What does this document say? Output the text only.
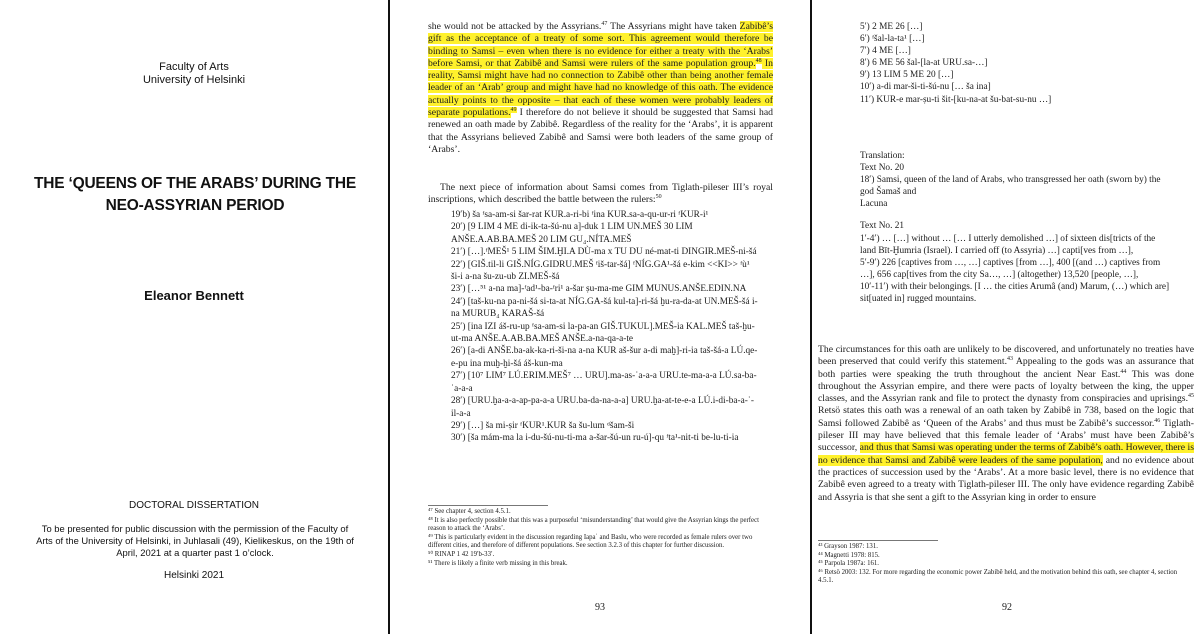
Faculty of Arts
University of Helsinki
THE ‘QUEENS OF THE ARABS’ DURING THE
NEO-ASSYRIAN PERIOD
Eleanor Bennett
DOCTORAL DISSERTATION
To be presented for public discussion with the permission of the Faculty of
Arts of the University of Helsinki, in Juhlasali (49), Kielikeskus, on the 19th of
April, 2021 at a quarter past 1 o’clock.
Helsinki 2021
she would not be attacked by the Assyrians.$^{47}$ The Assyrians might have taken Zabibê’s gift as the acceptance of a treaty of some sort. This agreement would therefore be binding to Samsi – even when there is no evidence for either a treaty with the ‘Arabs’ before Samsi, or that Zabibê and Samsi were rulers of the same population group.$^{48}$ In reality, Samsi might have had no connection to Zabibê other than being another female leader of an ‘Arab’ group and might have had no knowledge of this oath. The evidence actually points to the opposite – that each of these women were probably leaders of separate populations.$^{49}$ I therefore do not believe it should be suggested that Samsi had renewed an oath made by Zabibê. Regardless of the reality for the ‘Arabs’, it is apparent that the Assyrians believed Zabibê and Samsi were both leaders of the same group of ‘Arabs’.
The next piece of information about Samsi comes from Tiglath-pileser III’s royal inscriptions, which described the battle between the rulers:$^{50}$

19′b) ša ᶠsa-am-si šar-rat KUR.a-ri-bi ᶠina KUR.sa-a-qu-ur-ri ᶠKUR-i¹

20′) [9 LIM 4 ME di-ik-ta-šú-nu a]-duk 1 LIM UN.MEŠ 30 LIM ANŠE.A.AB.BA.MEŠ 20 LIM GU₄.NÍTA.MEŠ

21′) […].ᶠMEŠ¹ 5 LIM ŠIM.ḪI.A DÙ-ma x TU DU né-mat-ti DINGIR.MEŠ-ni-šá

22′) [GIŠ.til-li GIŠ.NÍG.GIDRU.MEŠ ᶠiš-tar-šá] ᶠNÍG.GA¹-šá e-kim <<KI>> ᶠù¹ ši-i a-na šu-zu-ub ZI.MEŠ-šá

23′) […⁵¹ a-na ma]-ᶠad¹-ba-ᶠri¹ a-šar ṣu-ma-me GIM MUNUS.ANŠE.EDIN.NA

24′) [taš-ku-na pa-ni-šá si-ta-at NÍG.GA-šá kul-ta]-ri-šá ḫu-ra-da-at UN.MEŠ-šá i-na MURUB₄ KARAŠ-šá

25′) [ina IZI áš-ru-up ᶠsa-am-si la-pa-an GIŠ.TUKUL].MEŠ-ia KAL.MEŠ taš-ḫu-ut-ma ANŠE.A.AB.BA.MEŠ ANŠE.a-na-qa-a-te

26′) [a-di ANŠE.ba-ak-ka-ri-ši-na a-na KUR aš-šur a-di maḫ]-ri-ia taš-šá-a LÚ.qe-e-pu ina muḫ-ḫi-šá áš-kun-ma

27′) [10⁷ LIM⁷ LÚ.ERIM.MEŠ⁷ … URU].ma-as-ʾa-a-a URU.te-ma-a-a LÚ.sa-ba-ʾa-a-a

28′) [URU.ḫa-a-a-ap-pa-a-a URU.ba-da-na-a-a] URU.ḫa-at-te-e-a LÚ.i-di-ba-a-ʾ-il-a-a

29′) […] ša mi-ṣir ᶠKUR¹.KUR ša šu-lum ᵈšam-ši

30′) [ša mám-ma la i-du-šú-nu-ti-ma a-šar-šú-un ru-ú]-qu ᶠta¹-nit-ti be-lu-ti-ia

⁴⁷ See chapter 4, section 4.5.1.

⁴⁸ It is also perfectly possible that this was a purposeful ‘misunderstanding’ that would give the Assyrian kings the perfect reason to attack the ‘Arabs’.

⁴⁹ This is particularly evident in the discussion regarding Iapaʾ and Baslu, who were recorded as female rulers over two different cities, and therefore of different populations. See section 3.2.3 of this chapter for further discussion.

⁵⁰ RINAP 1 42 19′b-33′.

⁵¹ There is likely a finite verb missing in this break.

93

5′) 2 ME 26 […]

6′) ᶠšal-la-ta¹ […]

7′) 4 ME […]

8′) 6 ME 56 šal-[la-at URU.sa-…]

9′) 13 LIM 5 ME 20 […]

10′) a-di mar-ši-ti-šú-nu [… ša ina]

11′) KUR-e mar-ṣu-ti šit-[ku-na-at šu-bat-su-nu …]

Translation:

Text No. 20

18′) Samsi, queen of the land of Arabs, who transgressed her oath (sworn by) the god Šamaš and

Lacuna

Text No. 21

1′-4′) … […] without … [… I utterly demolished …] of sixteen dis[tricts of the land Bīt-Ḫumria (Israel). I carried off (to Assyria) …] capti[ves from …],

5′-9′) 226 [captives from …, …] captives [from …], 400 [(and …) captives from …], 656 cap[tives from the city Sa…, …] (altogether) 13,520 [people, …],

10′-11′) with their belongings. [I … the cities Arumâ (and) Marum, (…) which are] sit[uated in] rugged mountains.

The circumstances for this oath are unlikely to be discovered, and unfortunately no treaties have been preserved that could verify this statement.$^{43}$ Appealing to the gods was an assurance that both parties were speaking the truth throughout the ancient Near East.$^{44}$ This was done throughout the Assyrian empire, and there were pacts of loyalty between the king, the upper classes, and the Assyrian rank and file to protect the dynasty from conspiracies and uprisings.$^{45}$ Retsö states this oath was a renewal of an oath taken by Zabibê in 738, based on the logic that Samsi followed Zabibê as ‘Queen of the Arabs’ and thus must be Zabibê’s successor.$^{46}$ Tiglath-pileser III may have believed that this female leader of ‘Arabs’ must have been Zabibê’s successor, and thus that Samsi was operating under the terms of Zabibê’s oath. However, there is no evidence that Samsi and Zabibê were leaders of the same population, and no evidence about the practices of succession used by the ‘Arabs’. At a more basic level, there is no evidence that Zabibê even agreed to a treaty with Tiglath-pileser III. The only have evidence regarding Zabibê and Assyria is that she sent a gift to the Assyrian king in order to ensure

⁴³ Grayson 1987: 131.

⁴⁴ Magnetti 1978: 815.

⁴⁵ Parpola 1987a: 161.

⁴⁶ Retsö 2003: 132. For more regarding the economic power Zabibê held, and the motivation behind this oath, see chapter 4, section 4.5.1.

92
